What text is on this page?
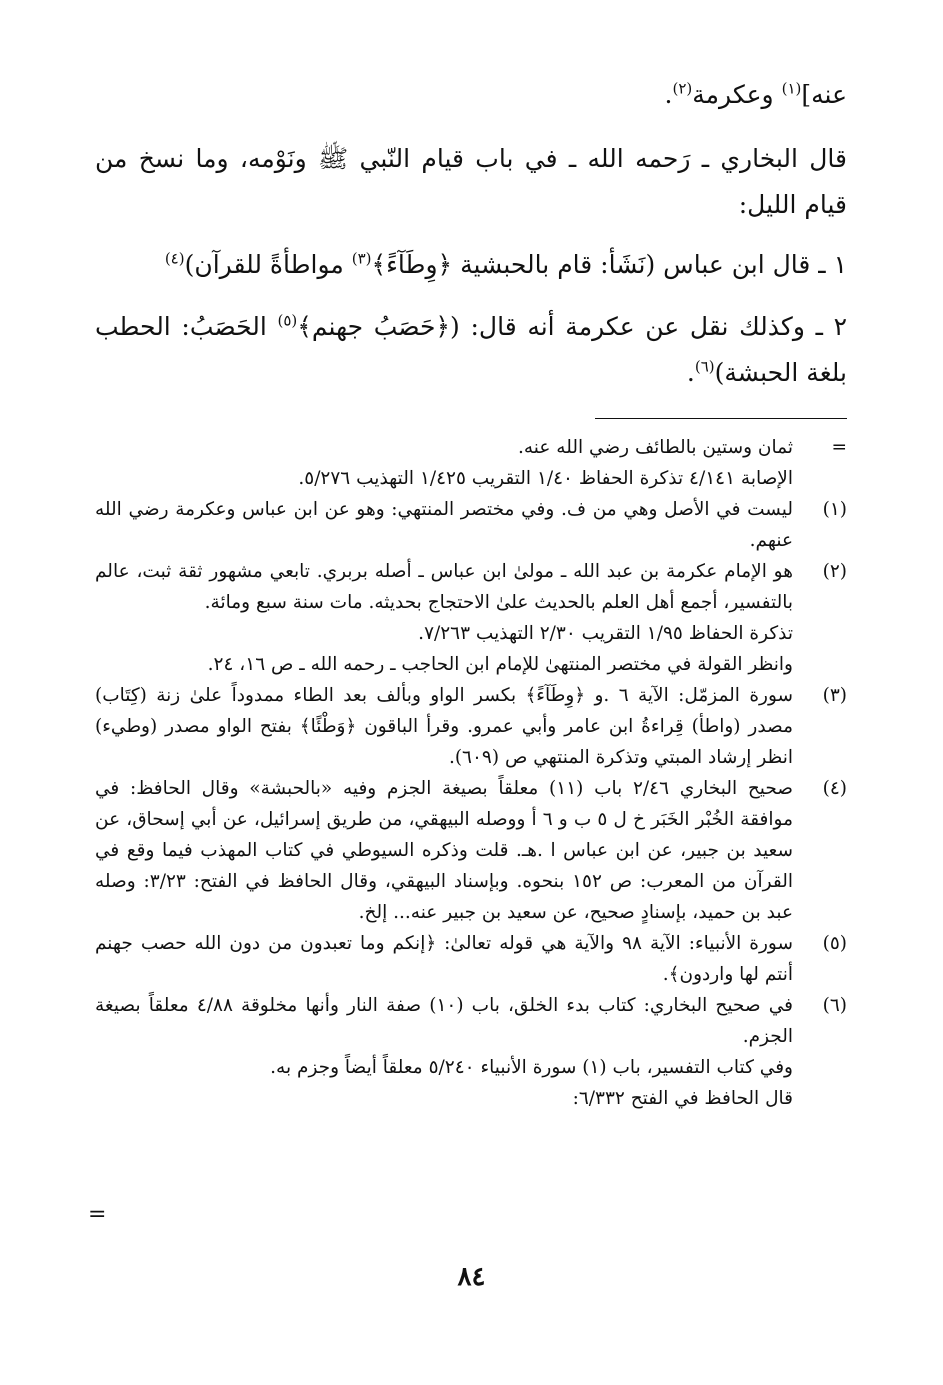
عنه]$^{(١)}$ وعكرمة$^{(٢)}$.

قال البخاري ـ رَحمه الله ـ في باب قيام النّبي ﷺ ونَوْمه، وما نسخ من قيام الليل:

١ ـ قال ابن عباس (نَشَأ: قام بالحبشية ﴿وِطَآءً﴾$^{(٣)}$ مواطأةً للقرآن)$^{(٤)}$

٢ ـ وكذلك نقل عن عكرمة أنه قال: (﴿حَصَبُ جهنم﴾$^{(٥)}$ الحَصَبُ: الحطب بلغة الحبشة)$^{(٦)}$.

=
ثمان وستين بالطائف رضي الله عنه.
الإصابة ٤/١٤١ تذكرة الحفاظ ١/٤٠ التقريب ١/٤٢٥ التهذيب ٥/٢٧٦.
(١)
ليست في الأصل وهي من ف. وفي مختصر المنتهي: وهو عن ابن عباس وعكرمة رضي الله عنهم.
(٢)
هو الإمام عكرمة بن عبد الله ـ مولىٰ ابن عباس ـ أصله بربري. تابعي مشهور ثقة ثبت، عالم بالتفسير، أجمع أهل العلم بالحديث علىٰ الاحتجاج بحديثه. مات سنة سبع ومائة.
تذكرة الحفاظ ١/٩٥ التقريب ٢/٣٠ التهذيب ٧/٢٦٣.
وانظر القولة في مختصر المنتهىٰ للإمام ابن الحاجب ـ رحمه الله ـ ص ١٦، ٢٤.
(٣)
سورة المزمّل: الآية ٦ .و ﴿وِطَآءً﴾ بكسر الواو وبألف بعد الطاء ممدوداً علىٰ زنة (كِتَاب) مصدر (واطأ) قِراءةُ ابن عامر وأبي عمرو. وقرأ الباقون ﴿وَطْئًا﴾ بفتح الواو مصدر (وطيء) انظر إرشاد المبتي وتذكرة المنتهي ص (٦٠٩).
(٤)
صحيح البخاري ٢/٤٦ باب (١١) معلقاً بصيغة الجزم وفيه «بالحبشة» وقال الحافظ: في موافقة الخُبْر الخَبَر خ ل ٥ ب و ٦ أ ووصله البيهقي، من طريق إسرائيل، عن أبي إسحاق، عن سعيد بن جبير، عن ابن عباس ا .هـ. قلت وذكره السيوطي في كتاب المهذب فيما وقع في القرآن من المعرب: ص ١٥٢ بنحوه. وبإسناد البيهقي، وقال الحافظ في الفتح: ٣/٢٣: وصله عبد بن حميد، بإسنادٍ صحيح، عن سعيد بن جبير عنه... إلخ.
(٥)
سورة الأنبياء: الآية ٩٨ والآية هي قوله تعالىٰ: ﴿إنكم وما تعبدون من دون الله حصب جهنم أنتم لها واردون﴾.
(٦)
في صحيح البخاري: كتاب بدء الخلق، باب (١٠) صفة النار وأنها مخلوقة ٤/٨٨ معلقاً بصيغة الجزم.
وفي كتاب التفسير، باب (١) سورة الأنبياء ٥/٢٤٠ معلقاً أيضاً وجزم به.
قال الحافظ في الفتح ٦/٣٣٢:
=
٨٤
